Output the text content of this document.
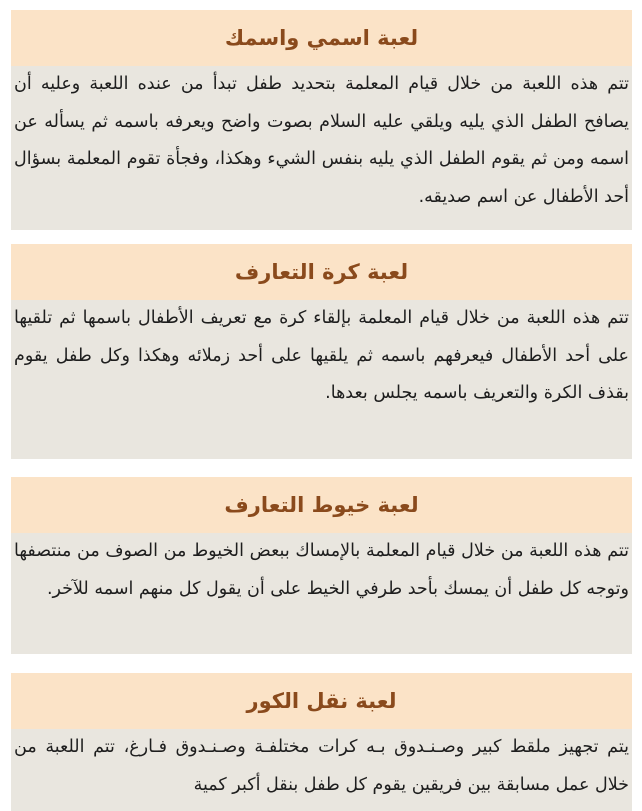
لعبة اسمي واسمك

تتم هذه اللعبة من خلال قيام المعلمة بتحديد طفل تبدأ من عنده اللعبة وعليه أن يصافح الطفل الذي يليه ويلقي عليه السلام بصوت واضح ويعرفه باسمه ثم يسأله عن اسمه ومن ثم يقوم الطفل الذي يليه بنفس الشيء وهكذا، وفجأة تقوم المعلمة بسؤال أحد الأطفال عن اسم صديقه.

لعبة كرة التعارف

تتم هذه اللعبة من خلال قيام المعلمة بإلقاء كرة مع تعريف الأطفال باسمها ثم تلقيها على أحد الأطفال فيعرفهم باسمه ثم يلقيها على أحد زملائه وهكذا وكل طفل يقوم بقذف الكرة والتعريف باسمه يجلس بعدها.

لعبة خيوط التعارف

تتم هذه اللعبة من خلال قيام المعلمة بالإمساك ببعض الخيوط من الصوف من منتصفها وتوجه كل طفل أن يمسك بأحد طرفي الخيط على أن يقول كل منهم اسمه للآخر.

لعبة نقل الكور

يتم تجهيز ملقط كبير وصـنـدوق بـه كرات مختلفـة وصـنـدوق فـارغ، تتم اللعبة من خلال عمل مسابقة بين فريقين يقوم كل طفل بنقل أكبر كمية
